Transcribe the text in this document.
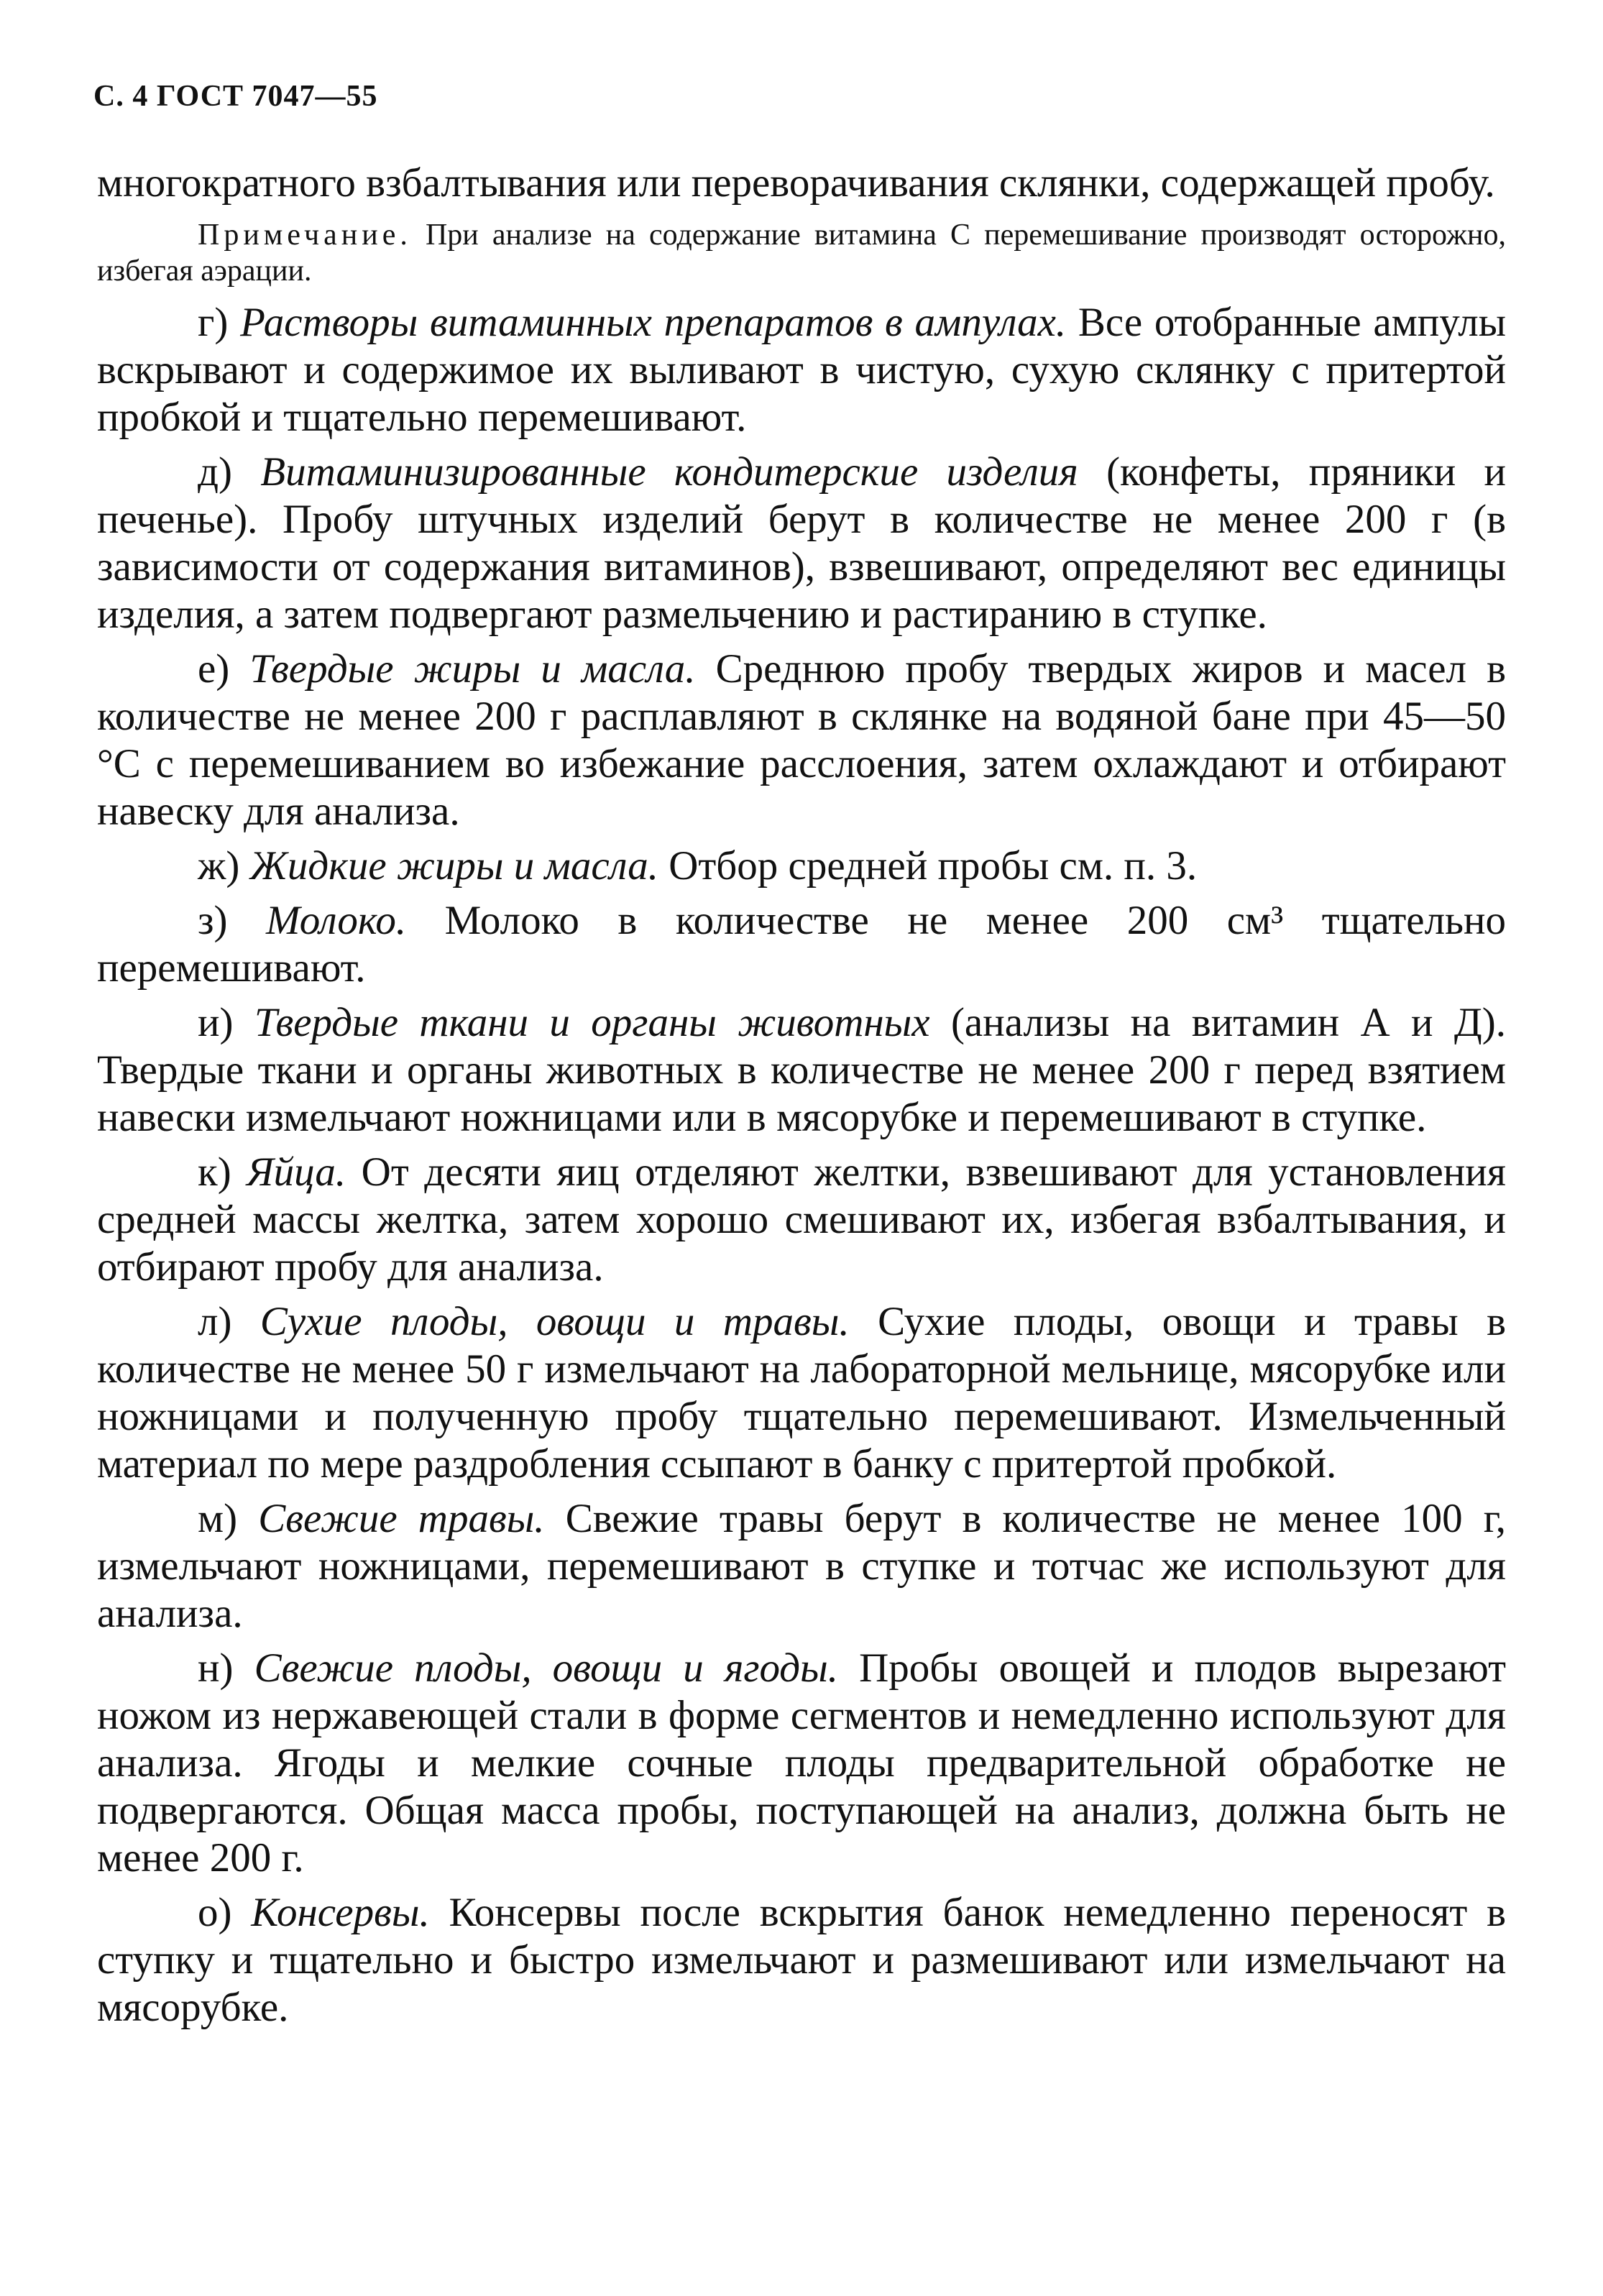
С. 4 ГОСТ 7047—55

многократного взбалтывания или переворачивания склянки, содержащей пробу.

Примечание. При анализе на содержание витамина С перемешивание производят осторожно, избегая аэрации.

г) Растворы витаминных препаратов в ампулах. Все отобранные ампулы вскрывают и содержимое их выливают в чистую, сухую склянку с притертой пробкой и тщательно перемешивают.

д) Витаминизированные кондитерские изделия (конфеты, пряники и печенье). Пробу штучных изделий берут в количестве не менее 200 г (в зависимости от содержания витаминов), взвешивают, определяют вес единицы изделия, а затем подвергают размельчению и растиранию в ступке.

е) Твердые жиры и масла. Среднюю пробу твердых жиров и масел в количестве не менее 200 г расплавляют в склянке на водяной бане при 45—50 °С с перемешиванием во избежание расслоения, затем охлаждают и отбирают навеску для анализа.

ж) Жидкие жиры и масла. Отбор средней пробы см. п. 3.

з) Молоко. Молоко в количестве не менее 200 см³ тщательно перемешивают.

и) Твердые ткани и органы животных (анализы на витамин А и Д). Твердые ткани и органы животных в количестве не менее 200 г перед взятием навески измельчают ножницами или в мясорубке и перемешивают в ступке.

к) Яйца. От десяти яиц отделяют желтки, взвешивают для установления средней массы желтка, затем хорошо смешивают их, избегая взбалтывания, и отбирают пробу для анализа.

л) Сухие плоды, овощи и травы. Сухие плоды, овощи и травы в количестве не менее 50 г измельчают на лабораторной мельнице, мясорубке или ножницами и полученную пробу тщательно перемешивают. Измельченный материал по мере раздробления ссыпают в банку с притертой пробкой.

м) Свежие травы. Свежие травы берут в количестве не менее 100 г, измельчают ножницами, перемешивают в ступке и тотчас же используют для анализа.

н) Свежие плоды, овощи и ягоды. Пробы овощей и плодов вырезают ножом из нержавеющей стали в форме сегментов и немедленно используют для анализа. Ягоды и мелкие сочные плоды предварительной обработке не подвергаются. Общая масса пробы, поступающей на анализ, должна быть не менее 200 г.

о) Консервы. Консервы после вскрытия банок немедленно переносят в ступку и тщательно и быстро измельчают и размешивают или измельчают на мясорубке.
